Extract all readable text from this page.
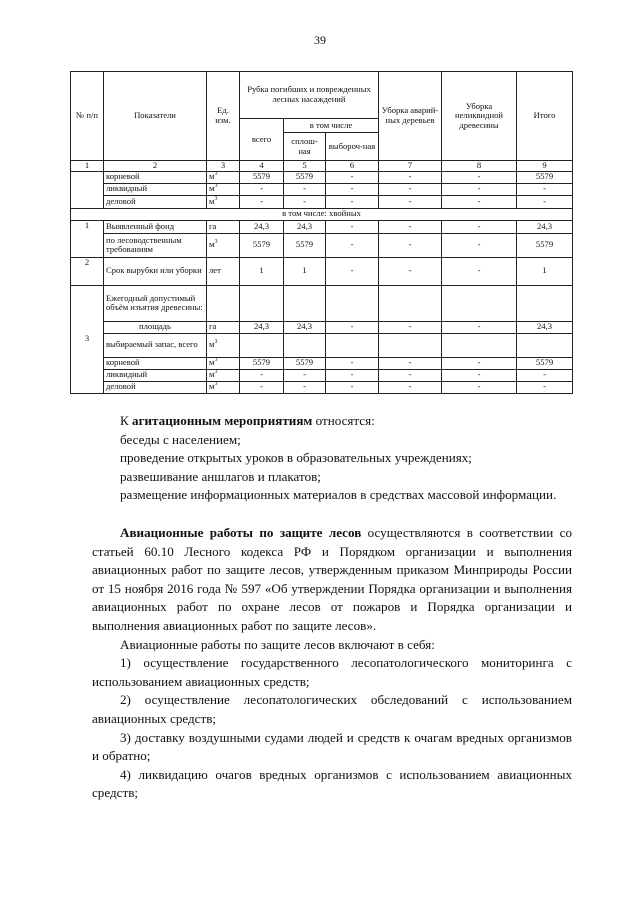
39
№ п/п	Показатели	Ед. изм.	Рубка погибших и поврежденных лесных насаждений			Уборка аварий-ных деревьев	Уборка неликвидной древесины	Итого
			всего	в том числе				
				сплош-ная	выбороч-ная			
1	2	3	4	5	6	7	8	9
	корневой	$м^3$	5579	5579	-	-	-	5579
	ликвидный	$м^3$	-	-	-	-	-	-
	деловой	$м^3$	-	-	-	-	-	-
в том числе: хвойных								
1	Выявленный фонд	га	24,3	24,3	-	-	-	24,3
	по лесоводственным требованиям	$м^3$	5579	5579	-	-	-	5579
2	Срок вырубки или уборки	лет	1	1	-	-	-	1
3	Ежегодный допустимый объём изъятия древесины:							
	площадь	га	24,3	24,3	-	-	-	24,3
	выбираемый запас, всего	$м^3$						
	корневой	$м^3$	5579	5579	-	-	-	5579
	ликвидный	$м^3$	-	-	-	-	-	-
	деловой	$м^3$	-	-	-	-	-	-
К агитационным мероприятиям относятся:
беседы с населением;
проведение открытых уроков в образовательных учреждениях;
развешивание аншлагов и плакатов;
размещение информационных материалов в средствах массовой информации.
Авиационные работы по защите лесов осуществляются в соответствии со статьей 60.10 Лесного кодекса РФ и Порядком организации и выполнения авиационных работ по защите лесов, утвержденным приказом Минприроды России от 15 ноября 2016 года № 597 «Об утверждении Порядка организации и выполнения авиационных работ по охране лесов от пожаров и Порядка организации и выполнения авиационных работ по защите лесов».
Авиационные работы по защите лесов включают в себя:
1) осуществление государственного лесопатологического мониторинга с использованием авиационных средств;
2) осуществление лесопатологических обследований с использованием авиационных средств;
3) доставку воздушными судами людей и средств к очагам вредных организмов и обратно;
4) ликвидацию очагов вредных организмов с использованием авиационных средств;
